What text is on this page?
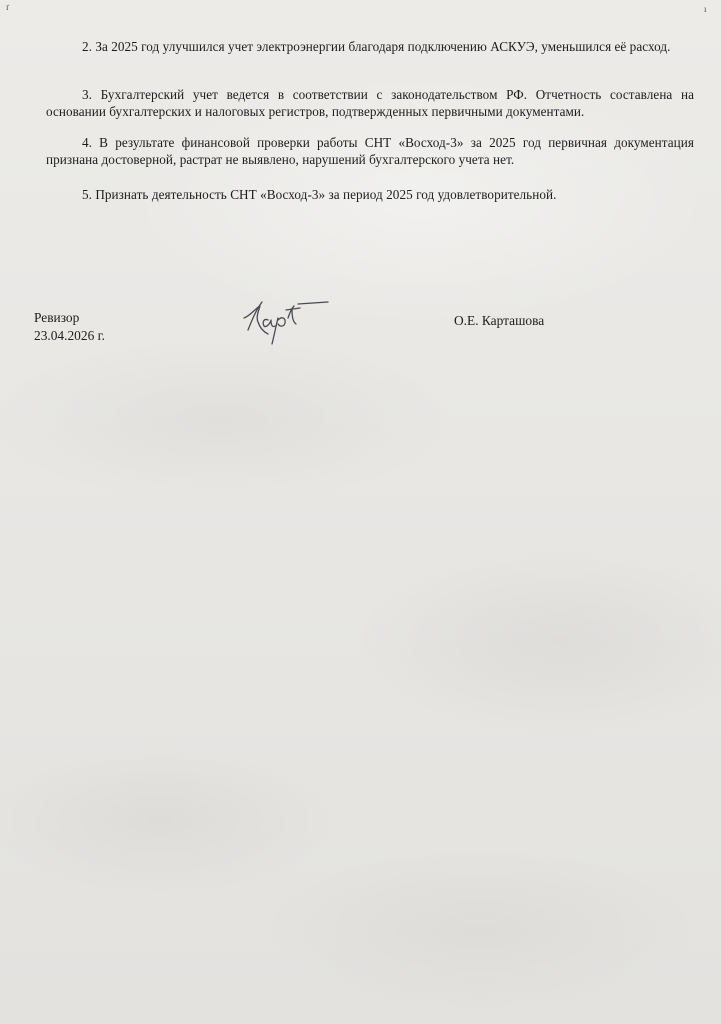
ґ	ı

2. За 2025 год улучшился учет электроэнергии благодаря подключению АСКУЭ, уменьшился её расход.

3. Бухгалтерский учет ведется в соответствии с законодательством РФ. Отчетность составлена на основании бухгалтерских и налоговых регистров, подтвержденных первичными документами.

4. В результате финансовой проверки работы СНТ «Восход-3» за 2025 год первичная документация признана достоверной, растрат не выявлено, нарушений бухгалтерского учета нет.

5. Признать деятельность СНТ «Восход-3» за период 2025 год удовлетворительной.

Ревизор
23.04.2026 г.
О.Е. Карташова
